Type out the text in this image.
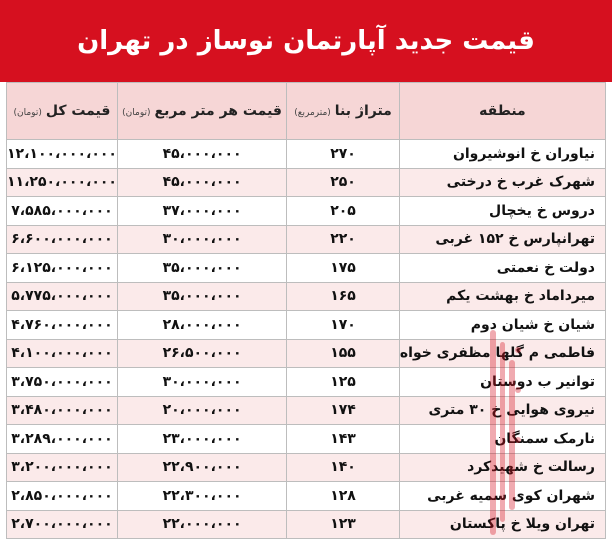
قیمت جدید آپارتمان نوساز در تهران
منطقه	متراژ بنا(مترمربع)	قیمت هر متر مربع(تومان)	قیمت کل(تومان)
نیاوران خ انوشیروان	۲۷۰	۴۵،۰۰۰،۰۰۰	۱۲،۱۰۰،۰۰۰،۰۰۰
شهرک غرب خ درختی	۲۵۰	۴۵،۰۰۰،۰۰۰	۱۱،۲۵۰،۰۰۰،۰۰۰
دروس خ یخچال	۲۰۵	۳۷،۰۰۰،۰۰۰	۷،۵۸۵،۰۰۰،۰۰۰
تهرانپارس خ ۱۵۲ غربی	۲۲۰	۳۰،۰۰۰،۰۰۰	۶،۶۰۰،۰۰۰،۰۰۰
دولت خ نعمتی	۱۷۵	۳۵،۰۰۰،۰۰۰	۶،۱۲۵،۰۰۰،۰۰۰
میرداماد خ بهشت یکم	۱۶۵	۳۵،۰۰۰،۰۰۰	۵،۷۷۵،۰۰۰،۰۰۰
شیان خ شیان دوم	۱۷۰	۲۸،۰۰۰،۰۰۰	۴،۷۶۰،۰۰۰،۰۰۰
فاطمی م گلها مظفری خواه	۱۵۵	۲۶،۵۰۰،۰۰۰	۴،۱۰۰،۰۰۰،۰۰۰
توانیر ب دوستان	۱۲۵	۳۰،۰۰۰،۰۰۰	۳،۷۵۰،۰۰۰،۰۰۰
نیروی هوایی خ ۳۰ متری	۱۷۴	۲۰،۰۰۰،۰۰۰	۳،۴۸۰،۰۰۰،۰۰۰
نارمک سمنگان	۱۴۳	۲۳،۰۰۰،۰۰۰	۳،۲۸۹،۰۰۰،۰۰۰
رسالت خ شهیدکرد	۱۴۰	۲۲،۹۰۰،۰۰۰	۳،۲۰۰،۰۰۰،۰۰۰
شهران کوی سمیه غربی	۱۲۸	۲۲،۳۰۰،۰۰۰	۲،۸۵۰،۰۰۰،۰۰۰
تهران ویلا خ پاکستان	۱۲۳	۲۲،۰۰۰،۰۰۰	۲،۷۰۰،۰۰۰،۰۰۰
